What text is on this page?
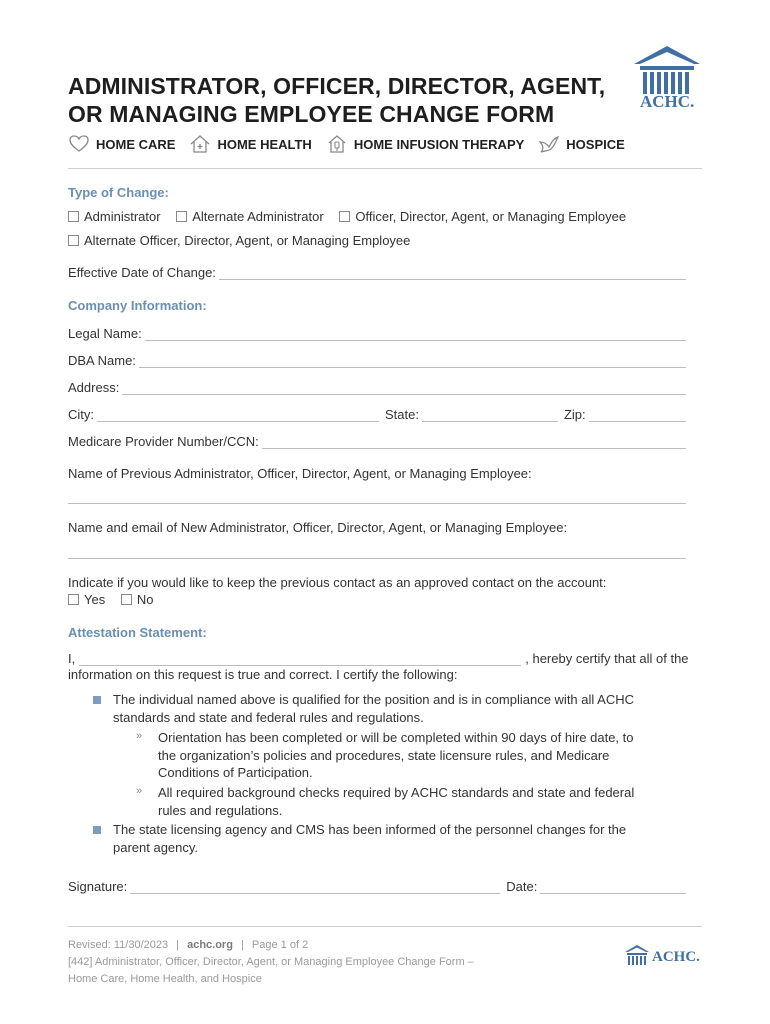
ADMINISTRATOR, OFFICER, DIRECTOR, AGENT,
OR MANAGING EMPLOYEE CHANGE FORM	ACHC.
HOME CARE	HOME HEALTH	HOME INFUSION THERAPY	HOSPICE
Type of Change:
Administrator
Alternate Administrator
Officer, Director, Agent, or Managing Employee
Alternate Officer, Director, Agent, or Managing Employee
Effective Date of Change:
Company Information:
Legal Name:
DBA Name:
Address:
City:	State:	Zip:
Medicare Provider Number/CCN:
Name of Previous Administrator, Officer, Director, Agent, or Managing Employee:
Name and email of New Administrator, Officer, Director, Agent, or Managing Employee:
Indicate if you would like to keep the previous contact as an approved contact on the account:
Yes
No
Attestation Statement:
I,	, hereby certify that all of the
information on this request is true and correct. I certify the following:
The individual named above is qualified for the position and is in compliance with all ACHC
standards and state and federal rules and regulations.
» Orientation has been completed or will be completed within 90 days of hire date, to
the organization’s policies and procedures, state licensure rules, and Medicare
Conditions of Participation.
» All required background checks required by ACHC standards and state and federal
rules and regulations.
The state licensing agency and CMS has been informed of the personnel changes for the
parent agency.
Signature:	Date:
Revised: 11/30/2023 | achc.org | Page 1 of 2
[442] Administrator, Officer, Director, Agent, or Managing Employee Change Form –
Home Care, Home Health, and Hospice
ACHC.
